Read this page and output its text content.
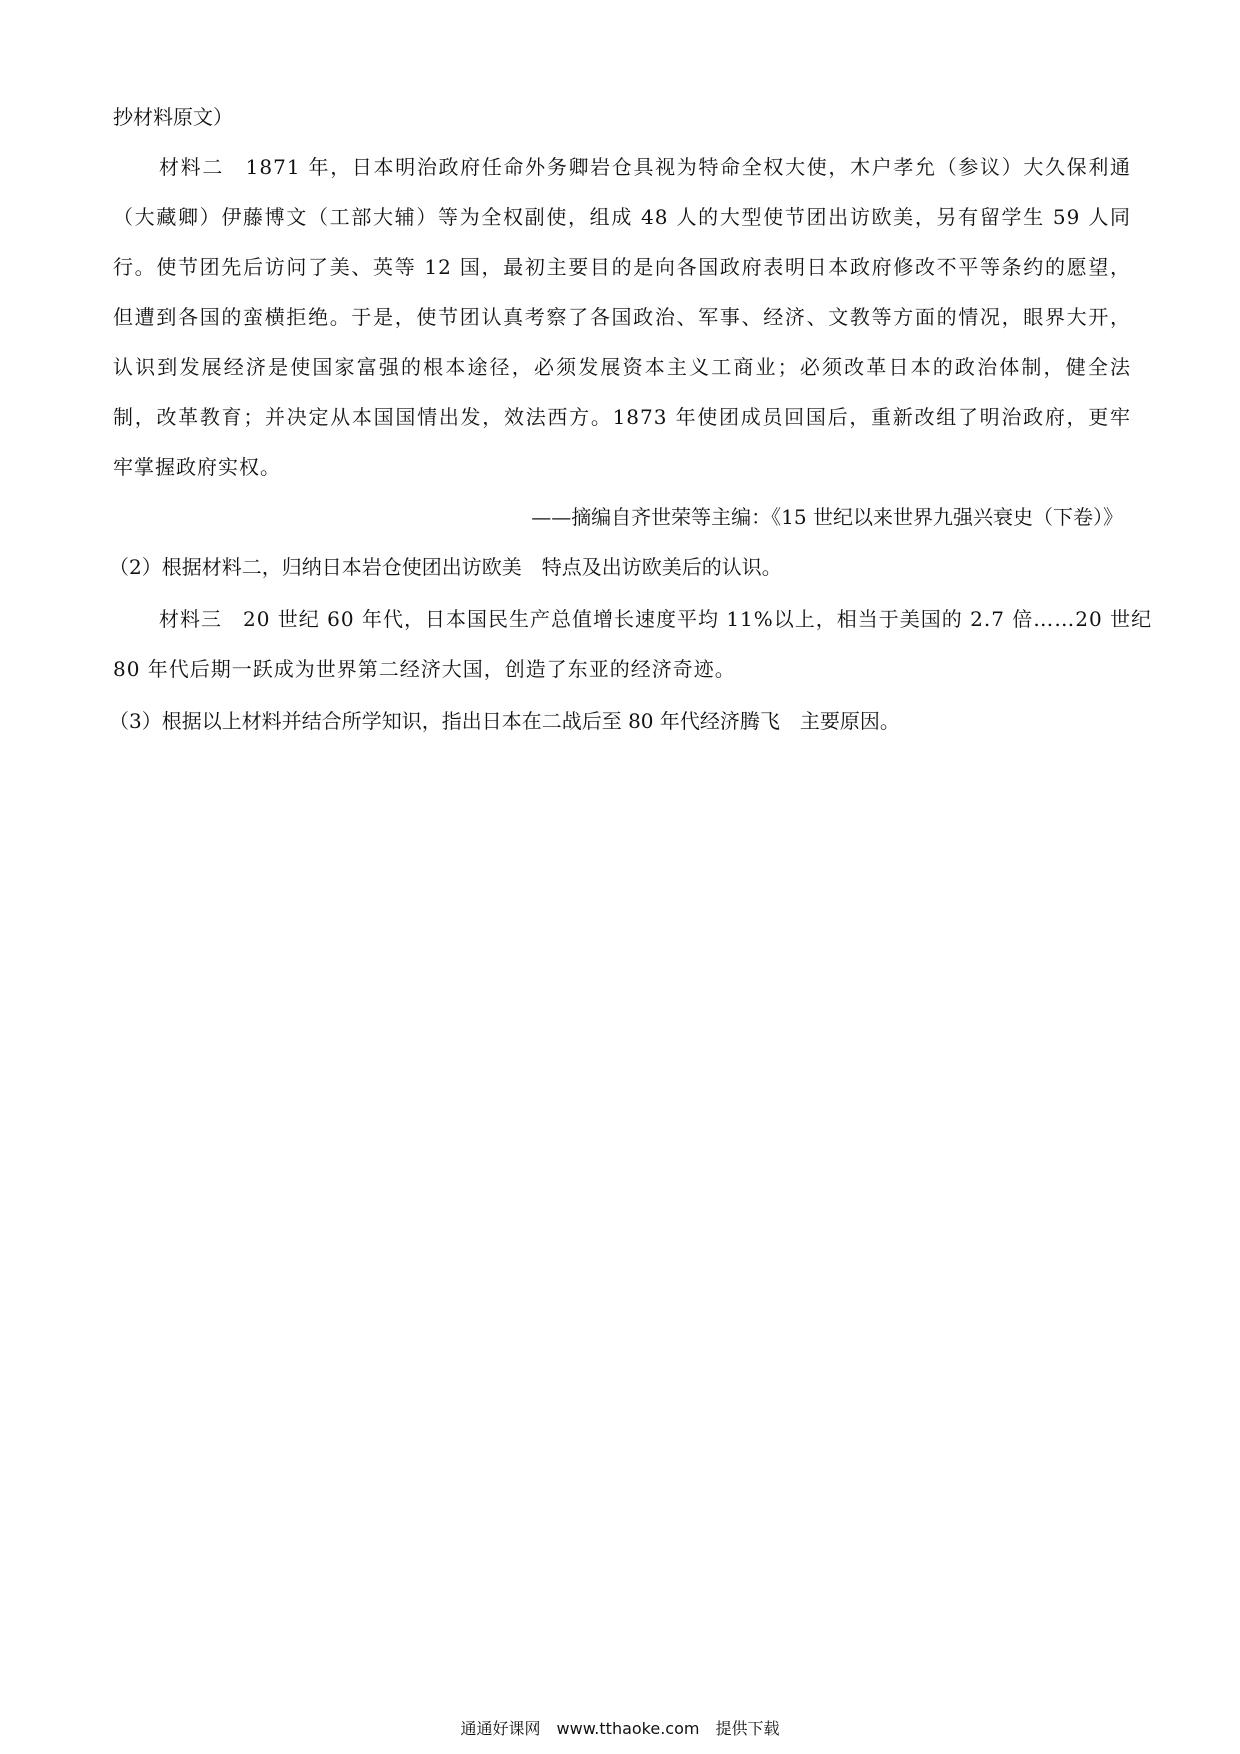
抄材料原文）

材料二　1871 年，日本明治政府任命外务卿岩仓具视为特命全权大使，木户孝允（参议）大久保利通
（大藏卿）伊藤博文（工部大辅）等为全权副使，组成 48 人的大型使节团出访欧美，另有留学生 59 人同
行。使节团先后访问了美、英等 12 国，最初主要目的是向各国政府表明日本政府修改不平等条约的愿望，
但遭到各国的蛮横拒绝。于是，使节团认真考察了各国政治、军事、经济、文教等方面的情况，眼界大开，
认识到发展经济是使国家富强的根本途径，必须发展资本主义工商业；必须改革日本的政治体制，健全法
制，改革教育；并决定从本国国情出发，效法西方。1873 年使团成员回国后，重新改组了明治政府，更牢
牢掌握政府实权。
——摘编自齐世荣等主编：《15 世纪以来世界九强兴衰史（下卷）》
（2）根据材料二，归纳日本岩仓使团出访欧美　特点及出访欧美后的认识。
材料三　20 世纪 60 年代，日本国民生产总值增长速度平均 11%以上，相当于美国的 2.7 倍……20 世纪
80 年代后期一跃成为世界第二经济大国，创造了东亚的经济奇迹。
（3）根据以上材料并结合所学知识，指出日本在二战后至 80 年代经济腾飞　主要原因。
通通好课网　www.tthaoke.com　提供下载
